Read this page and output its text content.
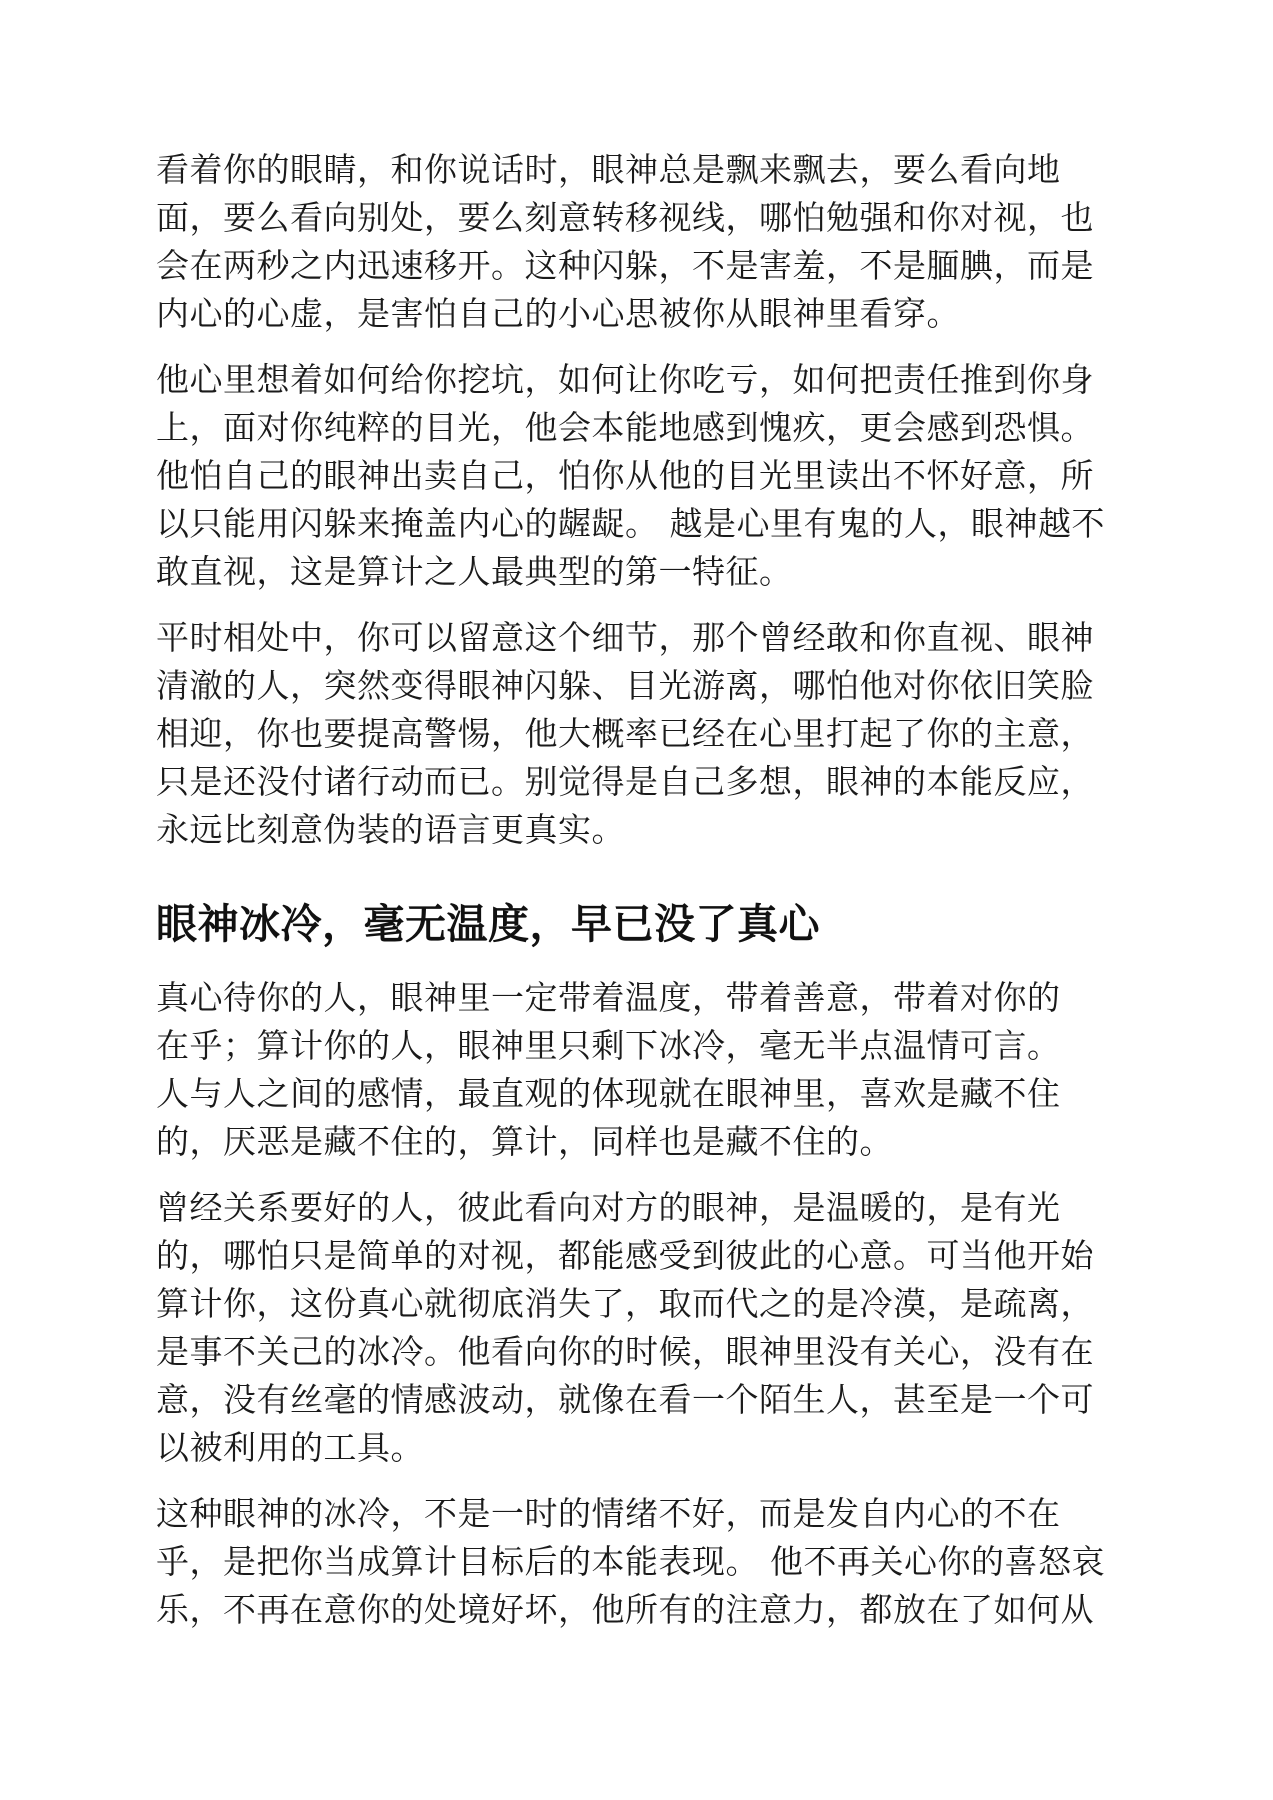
看着你的眼睛，和你说话时，眼神总是飘来飘去，要么看向地
面，要么看向别处，要么刻意转移视线，哪怕勉强和你对视，也
会在两秒之内迅速移开。这种闪躲，不是害羞，不是腼腆，而是
内心的心虚，是害怕自己的小心思被你从眼神里看穿。
他心里想着如何给你挖坑，如何让你吃亏，如何把责任推到你身
上，面对你纯粹的目光，他会本能地感到愧疚，更会感到恐惧。
他怕自己的眼神出卖自己，怕你从他的目光里读出不怀好意，所
以只能用闪躲来掩盖内心的龌龊。 越是心里有鬼的人，眼神越不
敢直视，这是算计之人最典型的第一特征。
平时相处中，你可以留意这个细节，那个曾经敢和你直视、眼神
清澈的人，突然变得眼神闪躲、目光游离，哪怕他对你依旧笑脸
相迎，你也要提高警惕，他大概率已经在心里打起了你的主意，
只是还没付诸行动而已。别觉得是自己多想，眼神的本能反应，
永远比刻意伪装的语言更真实。
眼神冰冷，毫无温度，早已没了真心
真心待你的人，眼神里一定带着温度，带着善意，带着对你的
在乎；算计你的人，眼神里只剩下冰冷，毫无半点温情可言。
人与人之间的感情，最直观的体现就在眼神里，喜欢是藏不住
的，厌恶是藏不住的，算计，同样也是藏不住的。
曾经关系要好的人，彼此看向对方的眼神，是温暖的，是有光
的，哪怕只是简单的对视，都能感受到彼此的心意。可当他开始
算计你，这份真心就彻底消失了，取而代之的是冷漠，是疏离，
是事不关己的冰冷。他看向你的时候，眼神里没有关心，没有在
意，没有丝毫的情感波动，就像在看一个陌生人，甚至是一个可
以被利用的工具。
这种眼神的冰冷，不是一时的情绪不好，而是发自内心的不在
乎，是把你当成算计目标后的本能表现。 他不再关心你的喜怒哀
乐，不再在意你的处境好坏，他所有的注意力，都放在了如何从
